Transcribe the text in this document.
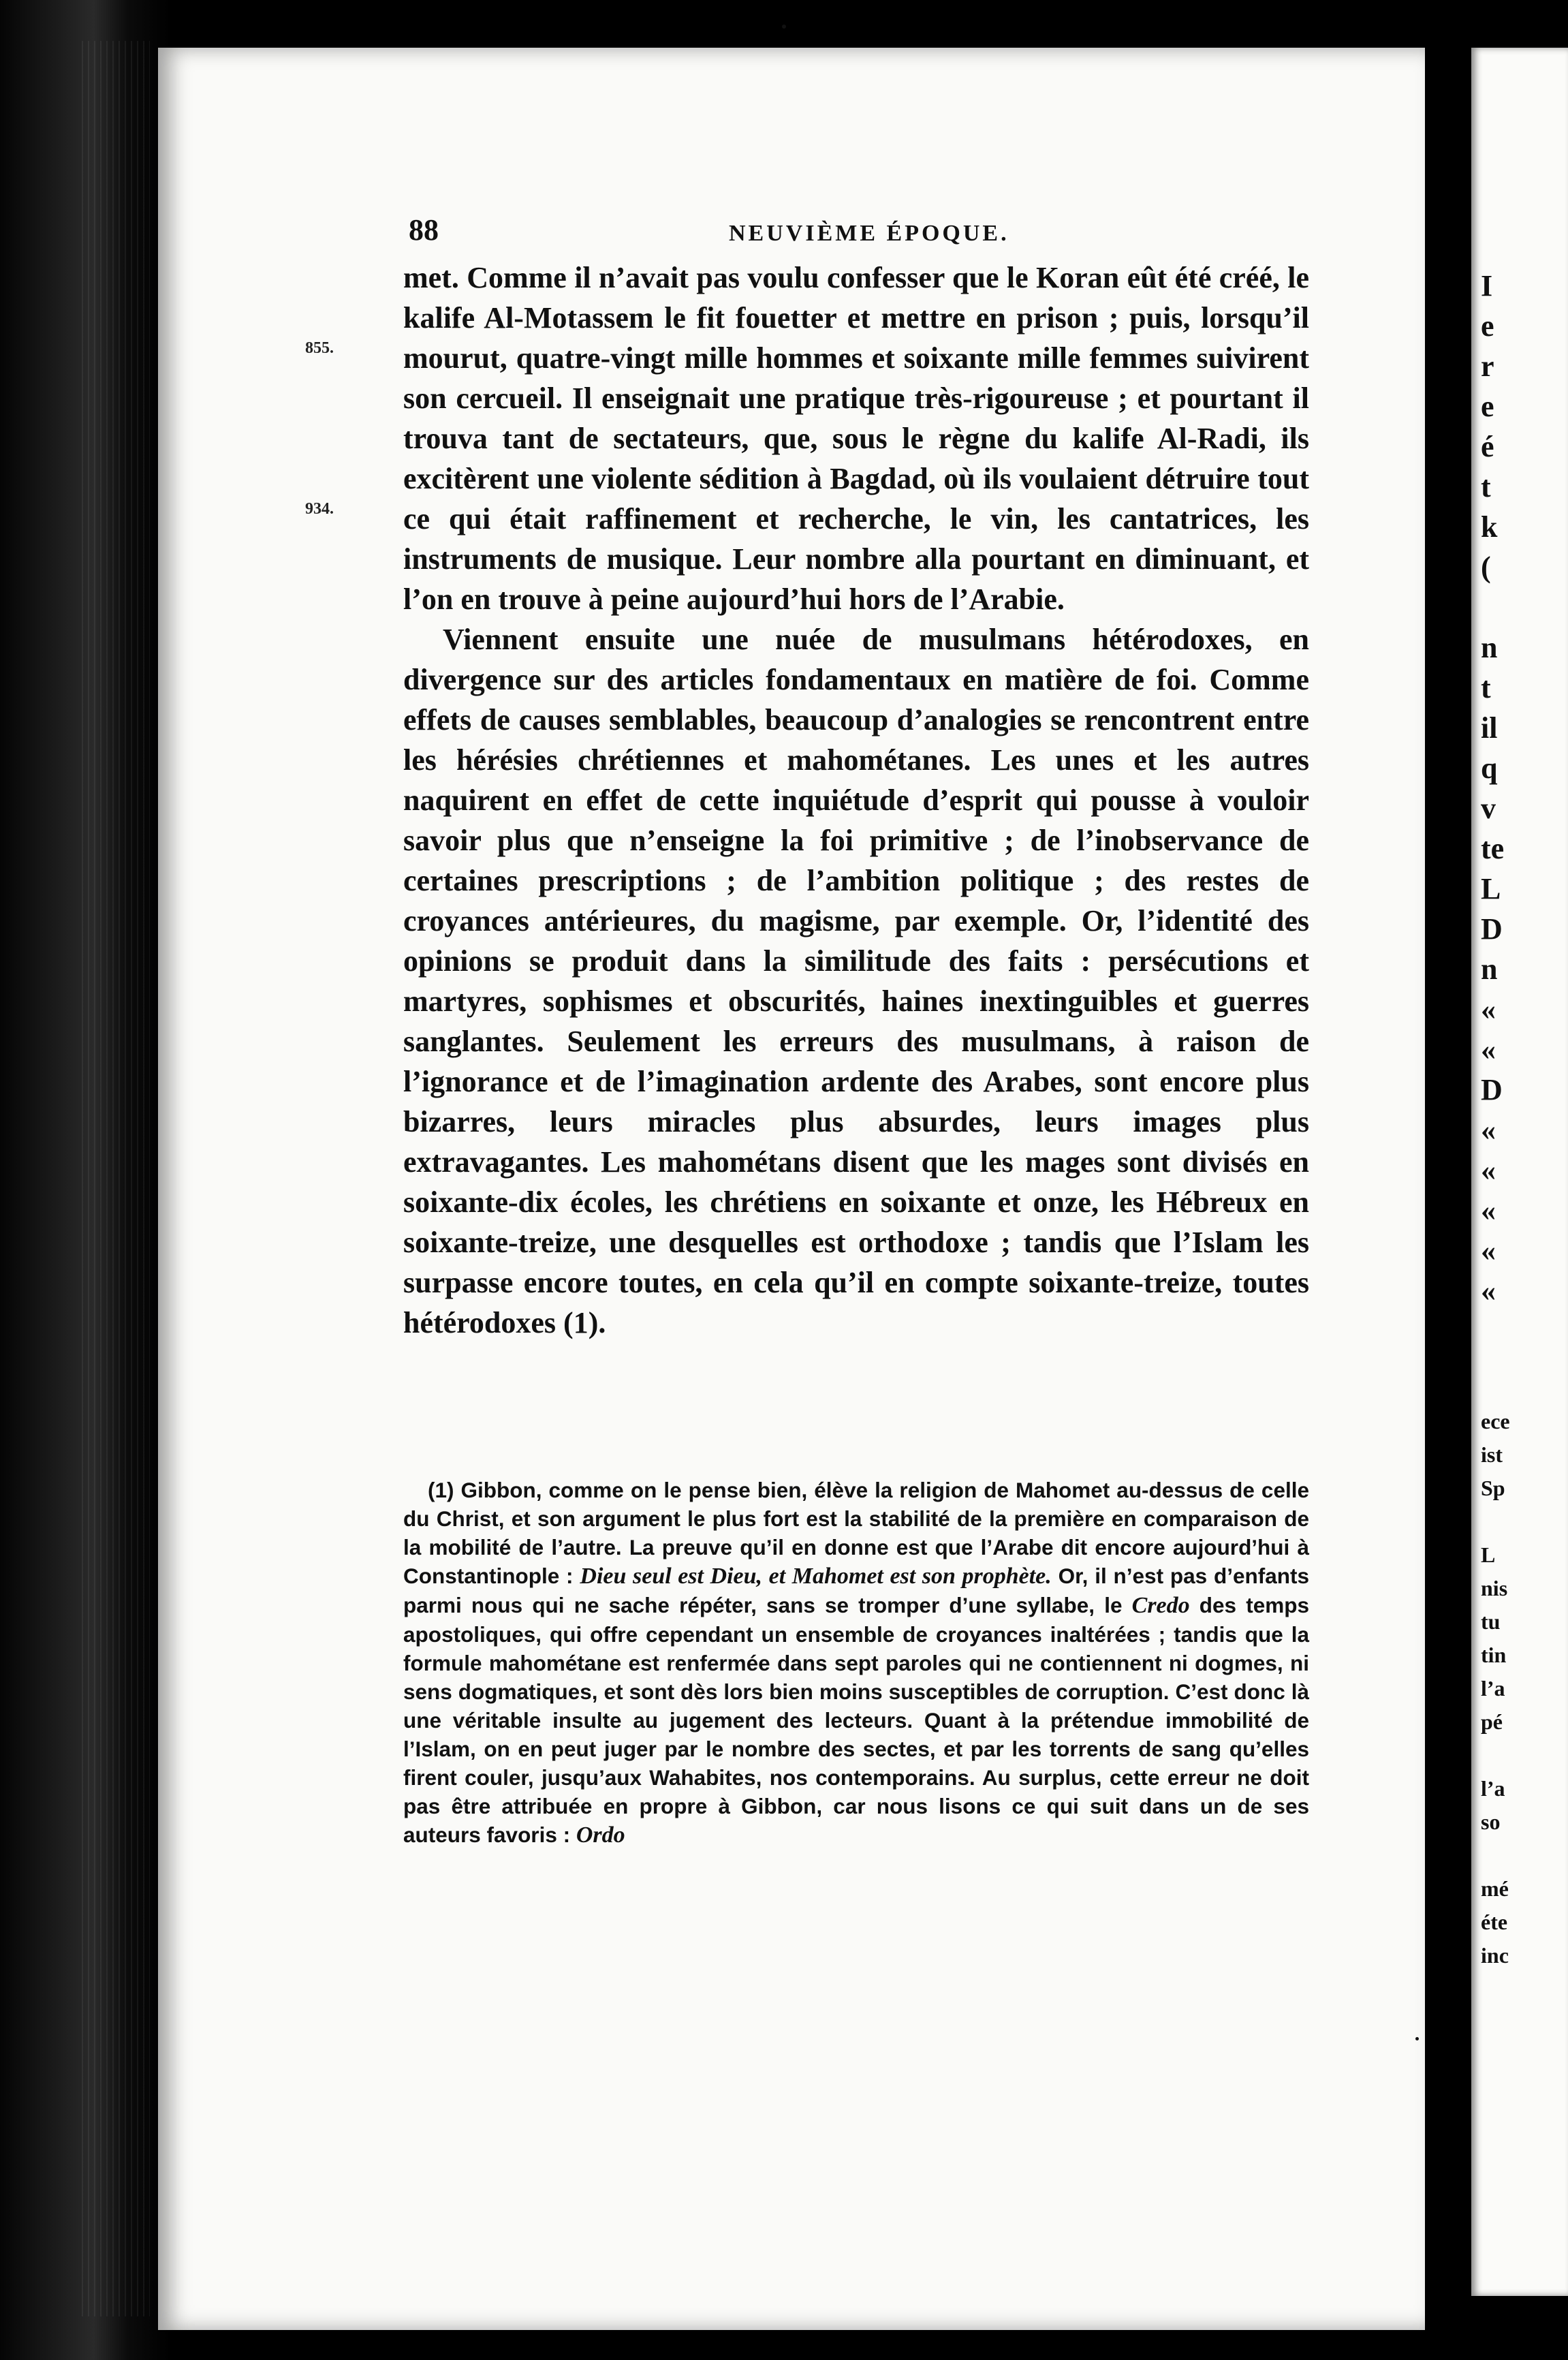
88	NEUVIÈME ÉPOQUE.
855.
934.

met. Comme il n’avait pas voulu confesser que le Koran eût été créé, le kalife Al-Motassem le fit fouetter et mettre en prison ; puis, lorsqu’il mourut, quatre-vingt mille hommes et soixante mille femmes suivirent son cercueil. Il enseignait une pratique très-rigoureuse ; et pourtant il trouva tant de sectateurs, que, sous le règne du kalife Al-Radi, ils excitèrent une violente sédition à Bagdad, où ils voulaient détruire tout ce qui était raffinement et recherche, le vin, les cantatrices, les instruments de musique. Leur nombre alla pourtant en diminuant, et l’on en trouve à peine aujourd’hui hors de l’Arabie.

Viennent ensuite une nuée de musulmans hétérodoxes, en divergence sur des articles fondamentaux en matière de foi. Comme effets de causes semblables, beaucoup d’analogies se rencontrent entre les hérésies chrétiennes et mahométanes. Les unes et les autres naquirent en effet de cette inquiétude d’esprit qui pousse à vouloir savoir plus que n’enseigne la foi primitive ; de l’inobservance de certaines prescriptions ; de l’ambition politique ; des restes de croyances antérieures, du magisme, par exemple. Or, l’identité des opinions se produit dans la similitude des faits : persécutions et martyres, sophismes et obscurités, haines inextinguibles et guerres sanglantes. Seulement les erreurs des musulmans, à raison de l’ignorance et de l’imagination ardente des Arabes, sont encore plus bizarres, leurs miracles plus absurdes, leurs images plus extravagantes. Les mahométans disent que les mages sont divisés en soixante-dix écoles, les chrétiens en soixante et onze, les Hébreux en soixante-treize, une desquelles est orthodoxe ; tandis que l’Islam les surpasse encore toutes, en cela qu’il en compte soixante-treize, toutes hétérodoxes (1).

(1) Gibbon, comme on le pense bien, élève la religion de Mahomet au-dessus de celle du Christ, et son argument le plus fort est la stabilité de la première en comparaison de la mobilité de l’autre. La preuve qu’il en donne est que l’Arabe dit encore aujourd’hui à Constantinople : Dieu seul est Dieu, et Mahomet est son prophète. Or, il n’est pas d’enfants parmi nous qui ne sache répéter, sans se tromper d’une syllabe, le Credo des temps apostoliques, qui offre cependant un ensemble de croyances inaltérées ; tandis que la formule mahométane est renfermée dans sept paroles qui ne contiennent ni dogmes, ni sens dogmatiques, et sont dès lors bien moins susceptibles de corruption. C’est donc là une véritable insulte au jugement des lecteurs. Quant à la prétendue immobilité de l’Islam, on en peut juger par le nombre des sectes, et par les torrents de sang qu’elles firent couler, jusqu’aux Wahabites, nos contemporains. Au surplus, cette erreur ne doit pas être attribuée en propre à Gibbon, car nous lisons ce qui suit dans un de ses auteurs favoris : Ordo

I
e
r
e
é
t
k
(
n
t
il
q
v
te
L
D
n
«
«
D
«
«
«
«
«
ece
ist
Sp
L
nis
tu
tin
l’a
pé
l’a
so
mé
éte
inc
